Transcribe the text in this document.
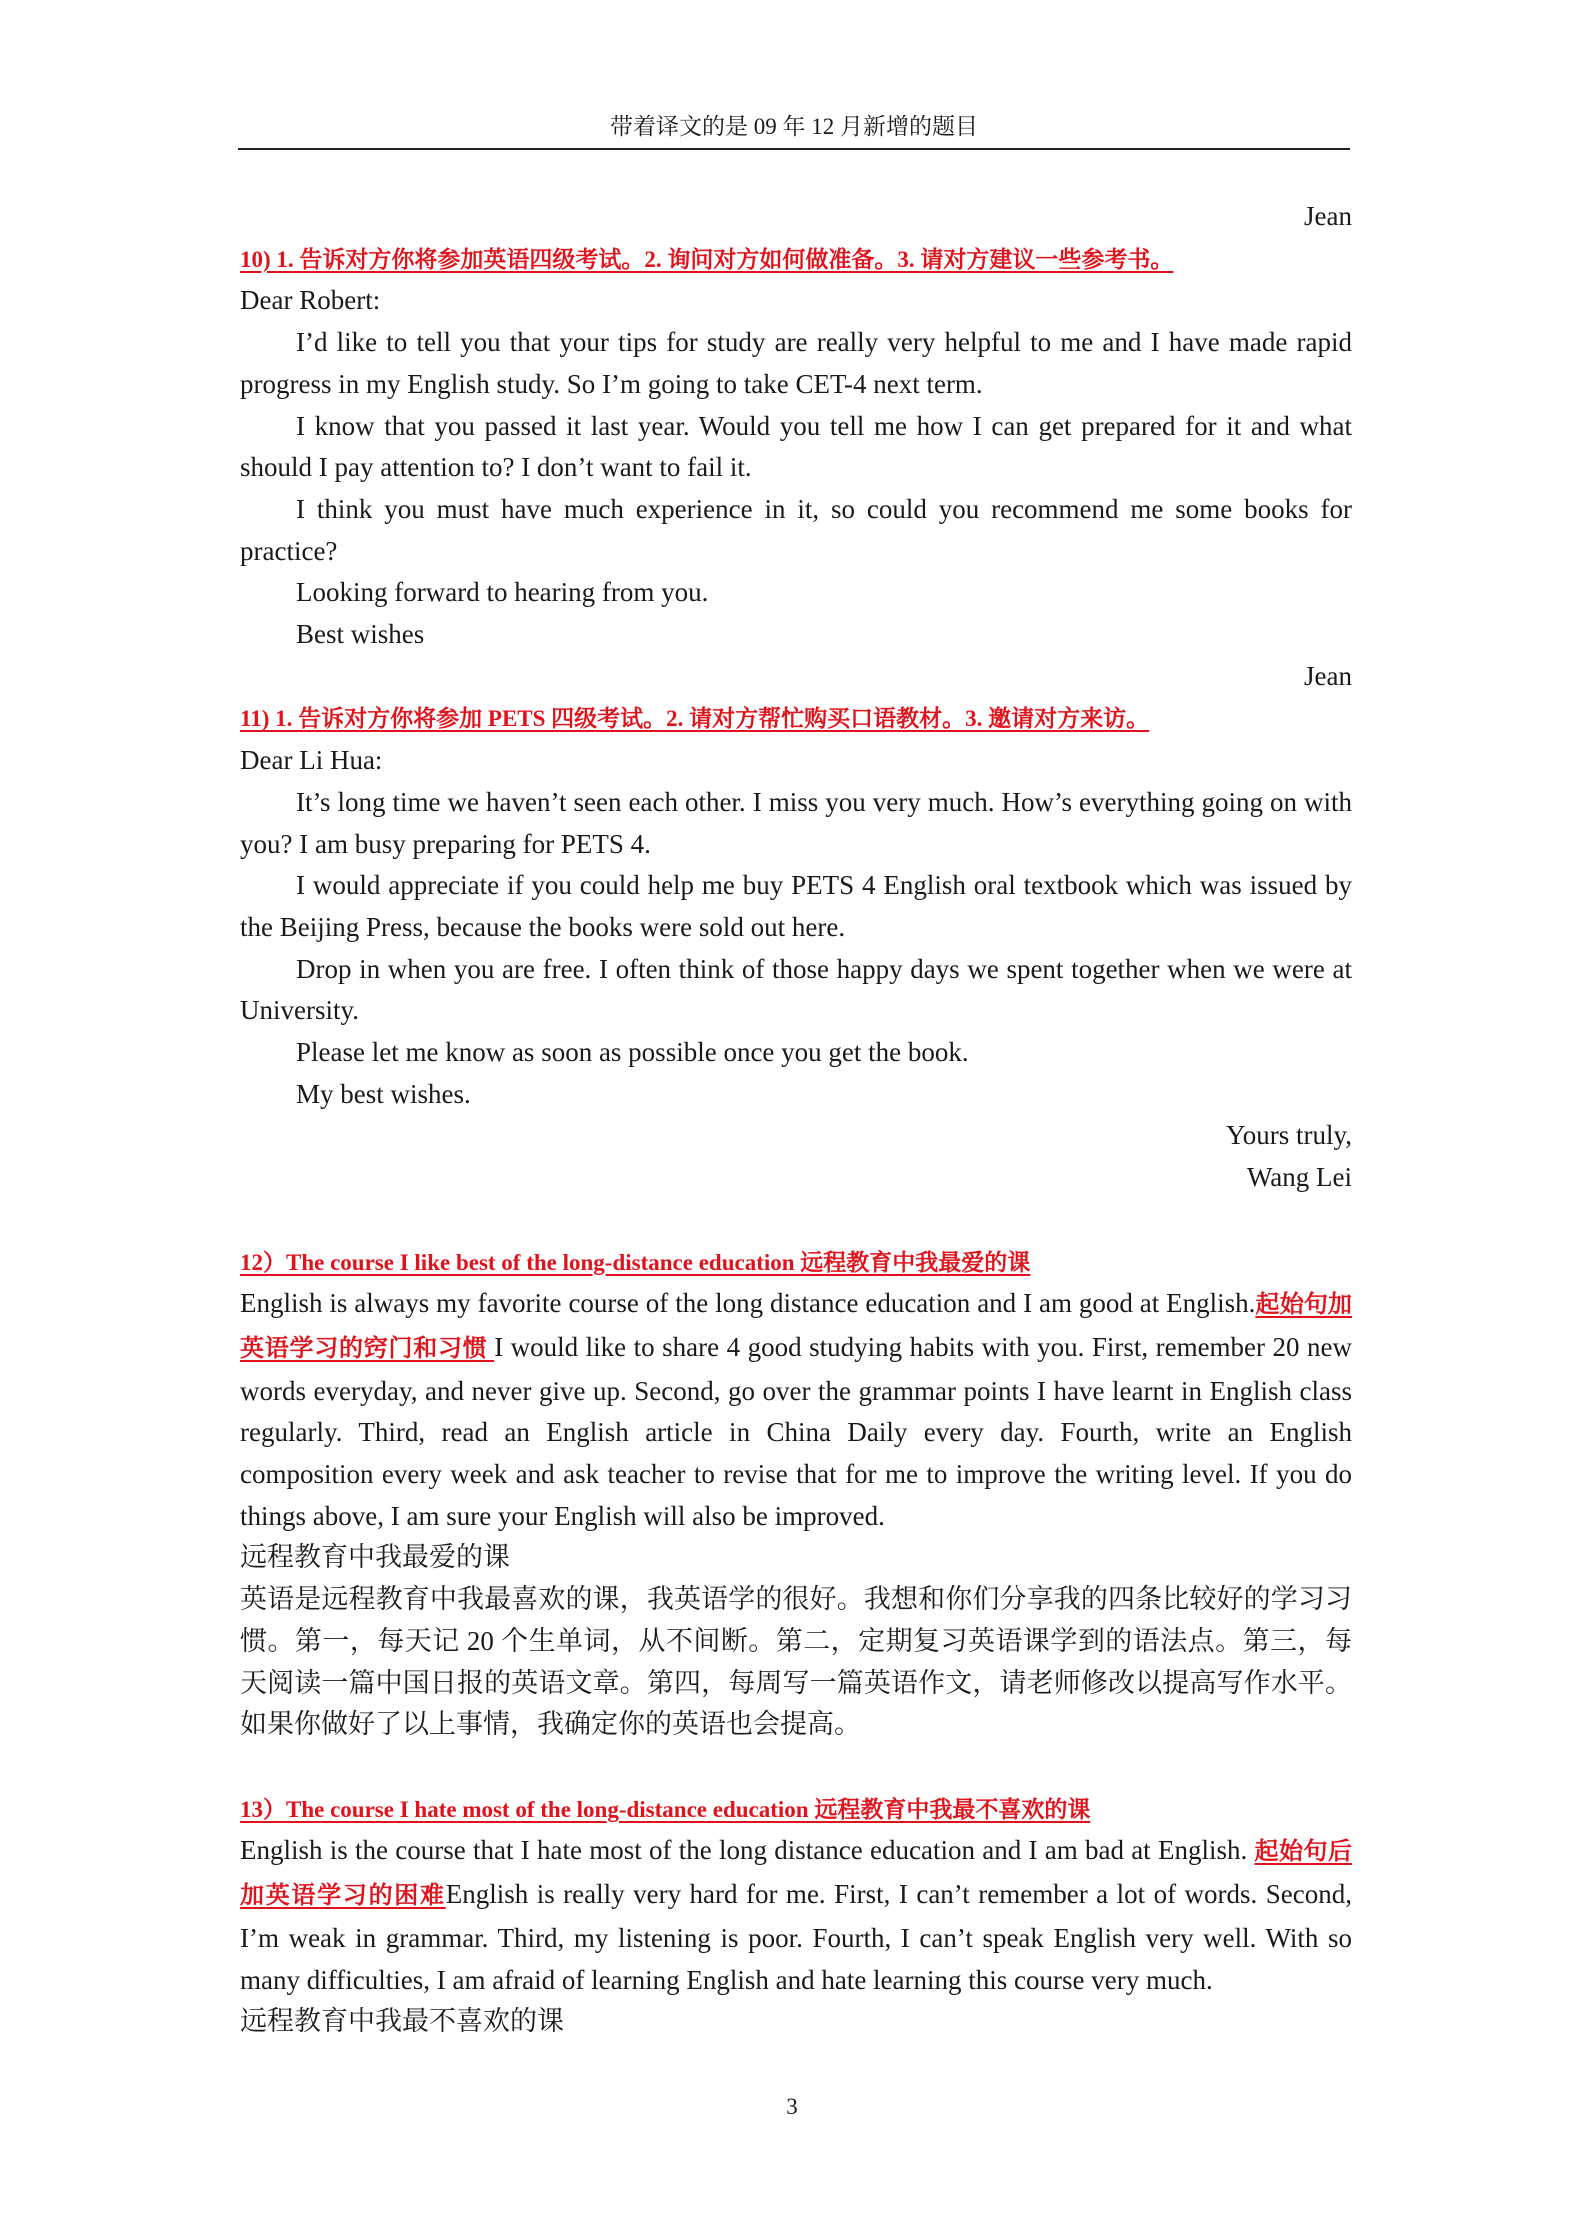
带着译文的是 09 年 12 月新增的题目

Jean

10) 1. 告诉对方你将参加英语四级考试。2. 询问对方如何做准备。3. 请对方建议一些参考书。

Dear Robert:

I’d like to tell you that your tips for study are really very helpful to me and I have made rapid progress in my English study. So I’m going to take CET-4 next term.

I know that you passed it last year. Would you tell me how I can get prepared for it and what should I pay attention to? I don’t want to fail it.

I think you must have much experience in it, so could you recommend me some books for practice?

Looking forward to hearing from you.

Best wishes

Jean

11) 1. 告诉对方你将参加 PETS 四级考试。2. 请对方帮忙购买口语教材。3. 邀请对方来访。

Dear Li Hua:

It’s long time we haven’t seen each other. I miss you very much. How’s everything going on with you? I am busy preparing for PETS 4.

I would appreciate if you could help me buy PETS 4 English oral textbook which was issued by the Beijing Press, because the books were sold out here.

Drop in when you are free. I often think of those happy days we spent together when we were at University.

Please let me know as soon as possible once you get the book.

My best wishes.

Yours truly,

Wang Lei

12）The course I like best of the long-distance education 远程教育中我最爱的课

English is always my favorite course of the long distance education and I am good at English.起始句加英语学习的窍门和习惯 I would like to share 4 good studying habits with you. First, remember 20 new words everyday, and never give up. Second, go over the grammar points I have learnt in English class regularly. Third, read an English article in China Daily every day. Fourth, write an English composition every week and ask teacher to revise that for me to improve the writing level. If you do things above, I am sure your English will also be improved.

远程教育中我最爱的课

英语是远程教育中我最喜欢的课，我英语学的很好。我想和你们分享我的四条比较好的学习习惯。第一，每天记 20 个生单词，从不间断。第二，定期复习英语课学到的语法点。第三，每天阅读一篇中国日报的英语文章。第四，每周写一篇英语作文，请老师修改以提高写作水平。如果你做好了以上事情，我确定你的英语也会提高。

13）The course I hate most of the long-distance education 远程教育中我最不喜欢的课

English is the course that I hate most of the long distance education and I am bad at English. 起始句后加英语学习的困难English is really very hard for me. First, I can’t remember a lot of words. Second, I’m weak in grammar. Third, my listening is poor. Fourth, I can’t speak English very well. With so many difficulties, I am afraid of learning English and hate learning this course very much.

远程教育中我最不喜欢的课

3
